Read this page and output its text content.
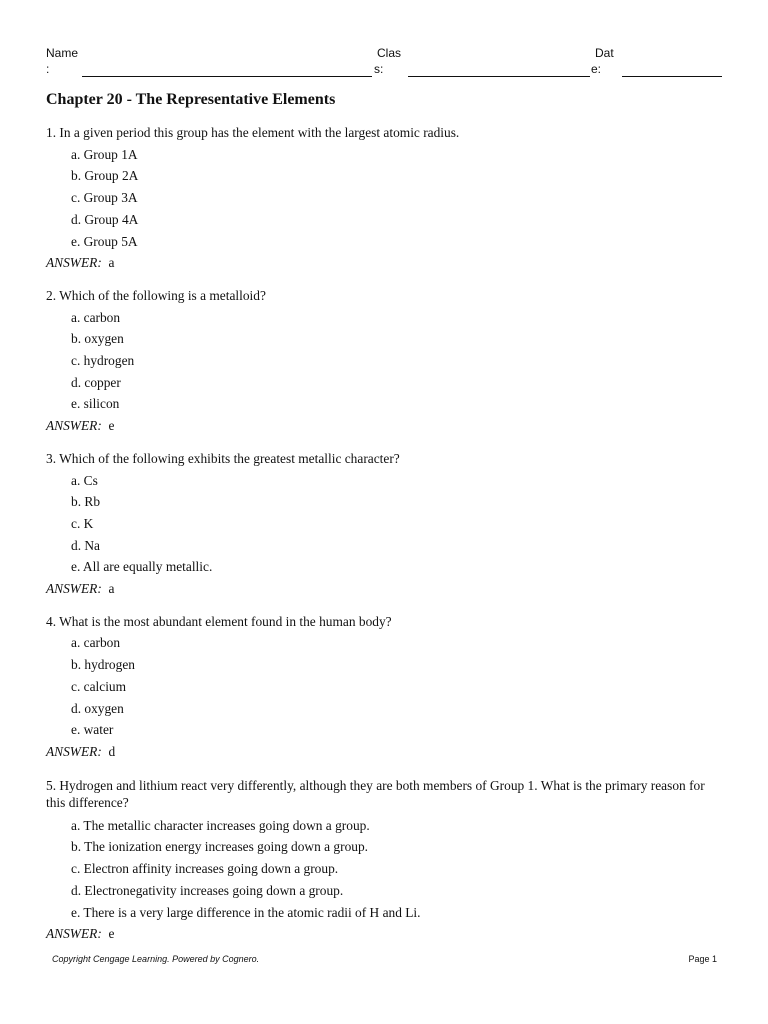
Name
:
Clas
s:
Dat
e:
Chapter 20 - The Representative Elements

1. In a given period this group has the element with the largest atomic radius.

a. Group 1A
b. Group 2A
c. Group 3A
d. Group 4A
e. Group 5A

ANSWER: a

2. Which of the following is a metalloid?

a. carbon
b. oxygen
c. hydrogen
d. copper
e. silicon

ANSWER: e

3. Which of the following exhibits the greatest metallic character?

a. Cs
b. Rb
c. K
d. Na
e. All are equally metallic.

ANSWER: a

4. What is the most abundant element found in the human body?

a. carbon
b. hydrogen
c. calcium
d. oxygen
e. water

ANSWER: d

5. Hydrogen and lithium react very differently, although they are both members of Group 1. What is the primary reason for this difference?

a. The metallic character increases going down a group.
b. The ionization energy increases going down a group.
c. Electron affinity increases going down a group.
d. Electronegativity increases going down a group.
e. There is a very large difference in the atomic radii of H and Li.

ANSWER: e

Copyright Cengage Learning. Powered by Cognero.	Page 1
